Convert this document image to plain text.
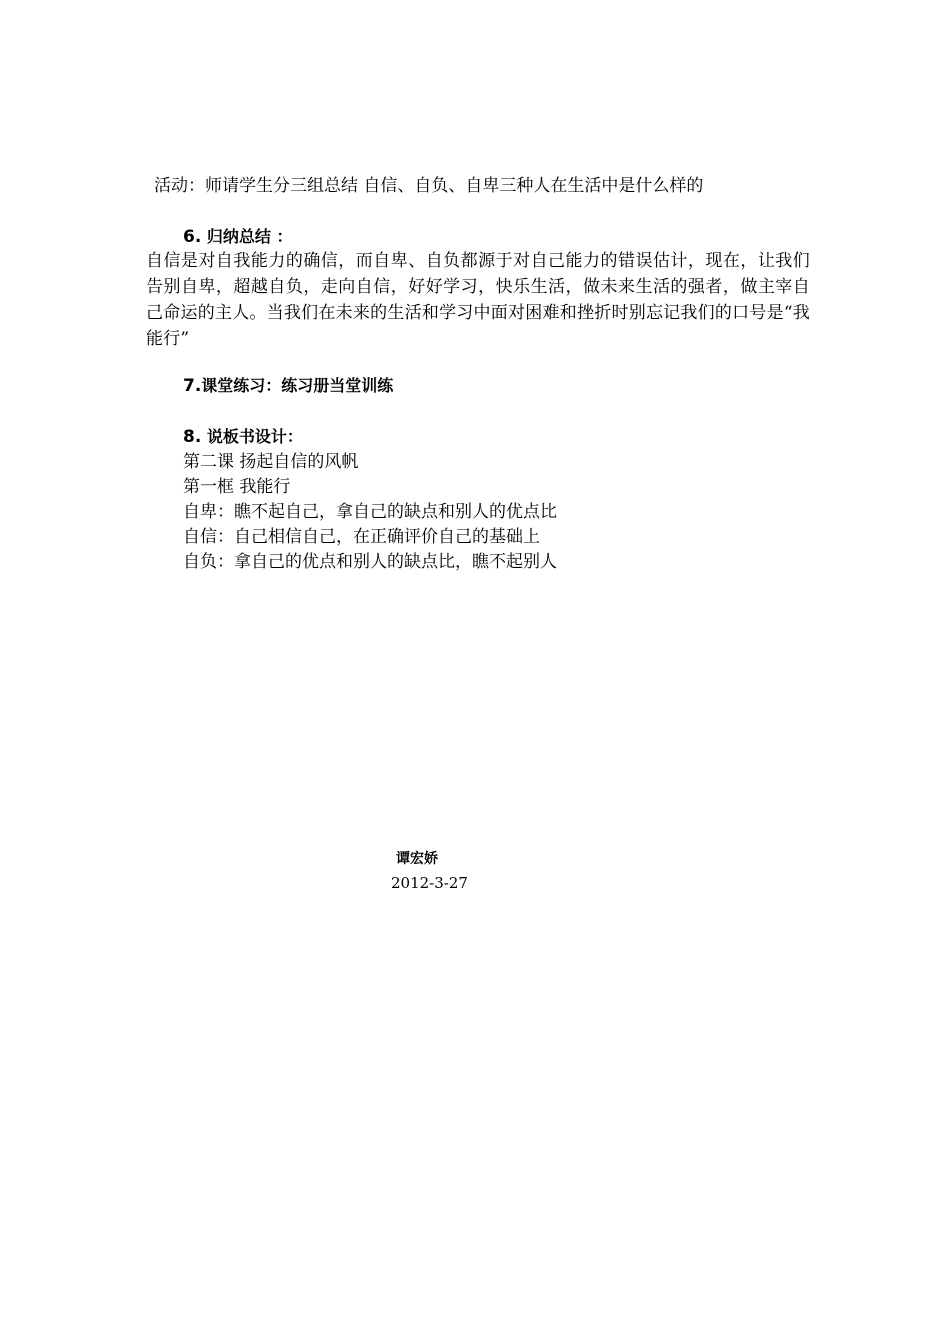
活动：师请学生分三组总结 自信、自负、自卑三种人在生活中是什么样的
6. 归纳总结 ：
自信是对自我能力的确信，而自卑、自负都源于对自己能力的错误估计，现在，让我们告别自卑，超越自负，走向自信，好好学习，快乐生活，做未来生活的强者，做主宰自己命运的主人。当我们在未来的生活和学习中面对困难和挫折时别忘记我们的口号是“我能行”
7.课堂练习：练习册当堂训练
8. 说板书设计：
第二课 扬起自信的风帆
第一框 我能行
自卑：瞧不起自己，拿自己的缺点和别人的优点比
自信：自己相信自己，在正确评价自己的基础上
自负：拿自己的优点和别人的缺点比，瞧不起别人
谭宏娇
2012-3-27
